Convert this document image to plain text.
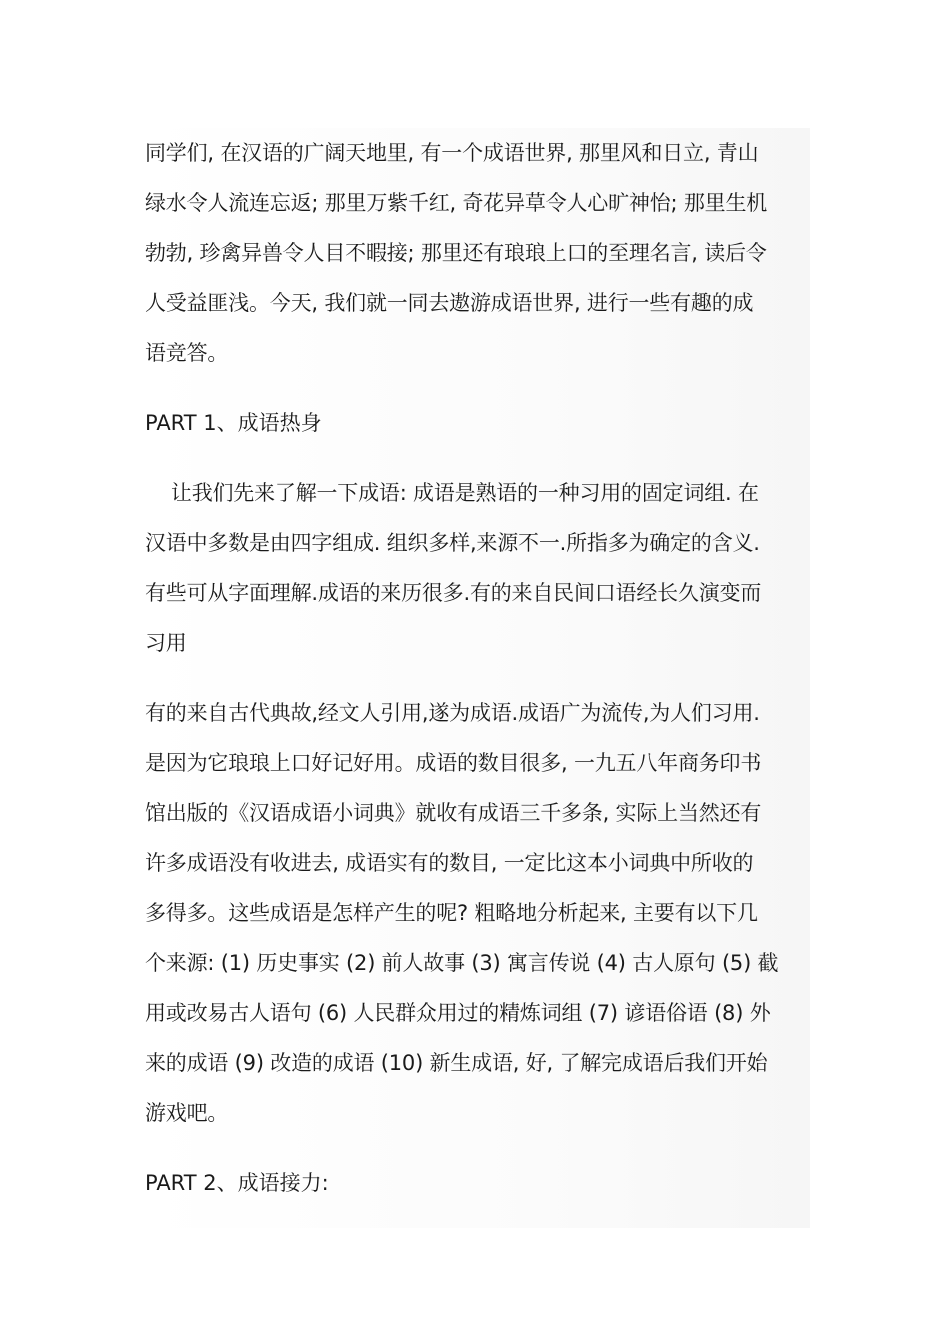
同学们, 在汉语的广阔天地里, 有一个成语世界, 那里风和日立, 青山
绿水令人流连忘返; 那里万紫千红, 奇花异草令人心旷神怡; 那里生机
勃勃, 珍禽异兽令人目不暇接; 那里还有琅琅上口的至理名言, 读后令
人受益匪浅。今天, 我们就一同去遨游成语世界, 进行一些有趣的成
语竞答。
PART 1、成语热身
让我们先来了解一下成语: 成语是熟语的一种习用的固定词组. 在
汉语中多数是由四字组成. 组织多样,来源不一.所指多为确定的含义.
有些可从字面理解.成语的来历很多.有的来自民间口语经长久演变而
习用
有的来自古代典故,经文人引用,遂为成语.成语广为流传,为人们习用.
是因为它琅琅上口好记好用。成语的数目很多, 一九五八年商务印书
馆出版的《汉语成语小词典》就收有成语三千多条, 实际上当然还有
许多成语没有收进去, 成语实有的数目, 一定比这本小词典中所收的
多得多。这些成语是怎样产生的呢? 粗略地分析起来, 主要有以下几
个来源: (1) 历史事实 (2) 前人故事 (3) 寓言传说 (4) 古人原句 (5) 截
用或改易古人语句 (6) 人民群众用过的精炼词组 (7) 谚语俗语 (8) 外
来的成语 (9) 改造的成语 (10) 新生成语, 好, 了解完成语后我们开始
游戏吧。
PART 2、成语接力:
